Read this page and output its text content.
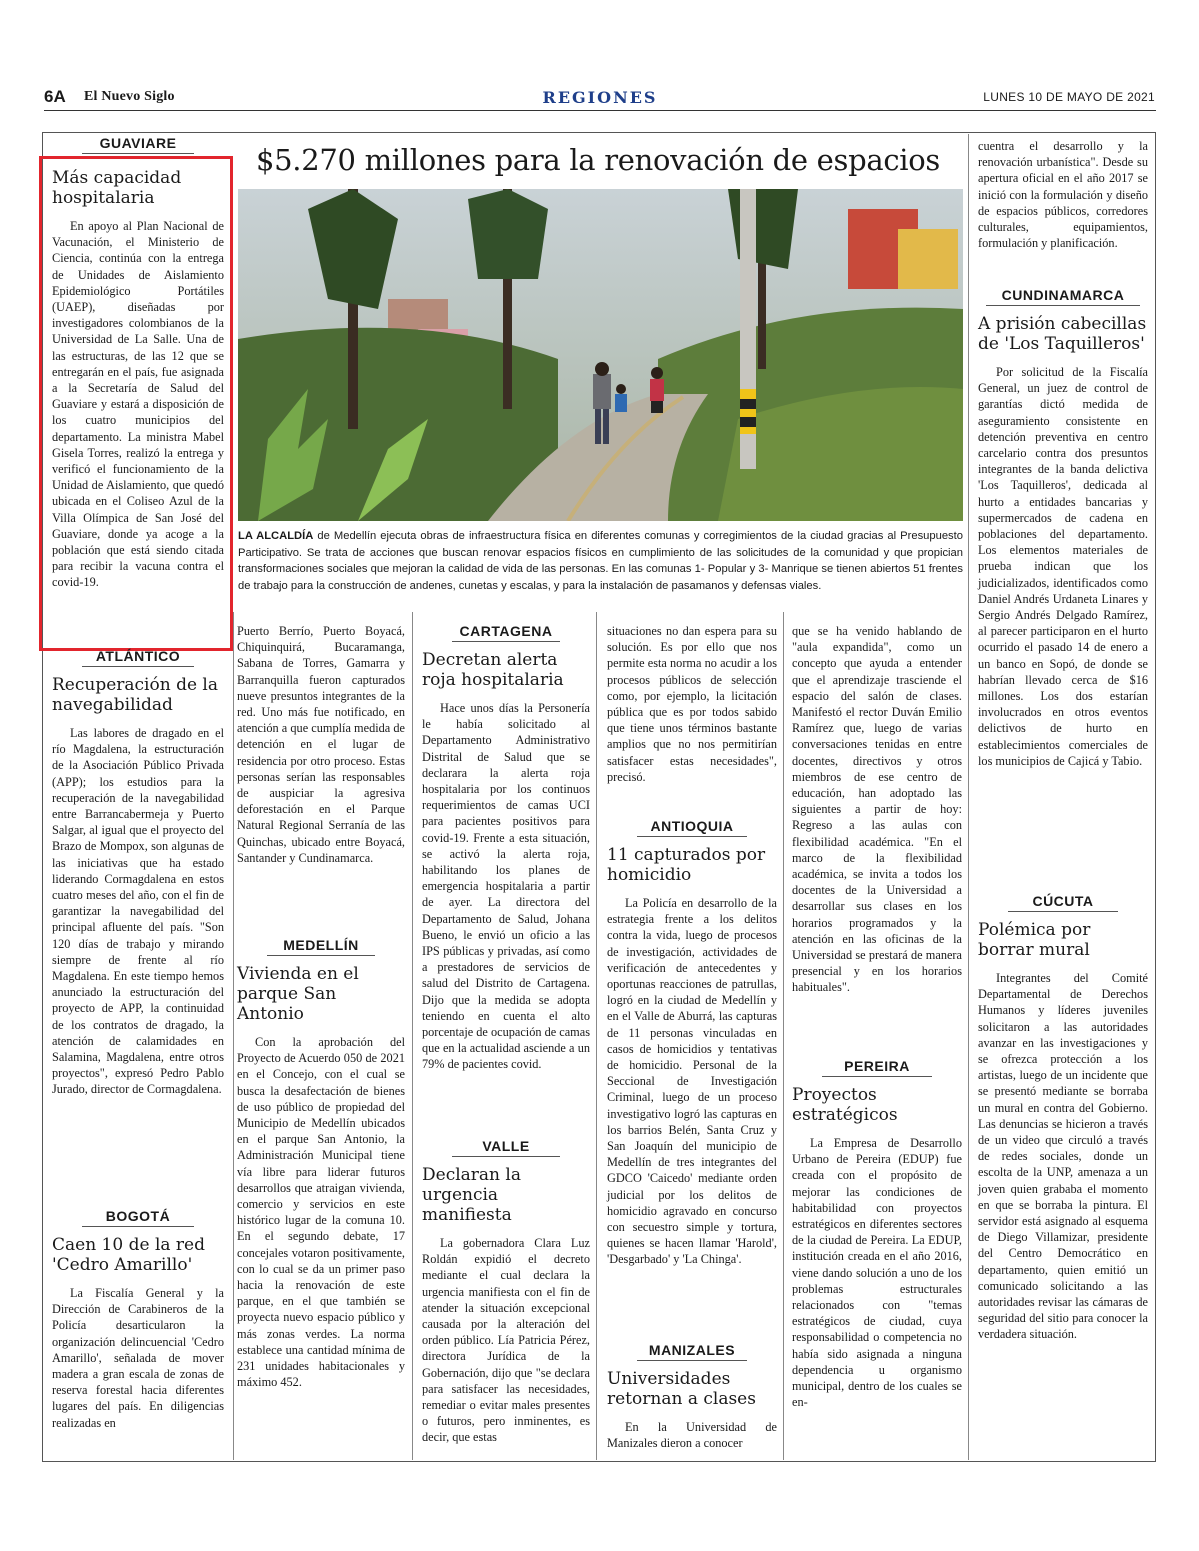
6A El Nuevo Siglo	REGIONES	LUNES 10 DE MAYO DE 2021
$5.270 millones para la renovación de espacios
LA ALCALDÍA de Medellín ejecuta obras de infraestructura física en diferentes comunas y corregimientos de la ciudad gracias al Presupuesto Participativo. Se trata de acciones que buscan renovar espacios físicos en cumplimiento de las solicitudes de la comunidad y que propician transformaciones sociales que mejoran la calidad de vida de las personas. En las comunas 1- Popular y 3- Manrique se tienen abiertos 51 frentes de trabajo para la construcción de andenes, cunetas y escalas, y para la instalación de pasamanos y defensas viales.
GUAVIARE
Más capacidad hospitalaria

En apoyo al Plan Nacional de Vacunación, el Ministerio de Ciencia, continúa con la entrega de Unidades de Aislamiento Epidemiológico Portátiles (UAEP), diseñadas por investigadores colombianos de la Universidad de La Salle. Una de las estructuras, de las 12 que se entregarán en el país, fue asignada a la Secretaría de Salud del Guaviare y estará a disposición de los cuatro municipios del departamento. La ministra Mabel Gisela Torres, realizó la entrega y verificó el funcionamiento de la Unidad de Aislamiento, que quedó ubicada en el Coliseo Azul de la Villa Olímpica de San José del Guaviare, donde ya acoge a la población que está siendo citada para recibir la vacuna contra el covid-19.

ATLÁNTICO
Recuperación de la navegabilidad

Las labores de dragado en el río Magdalena, la estructuración de la Asociación Público Privada (APP); los estudios para la recuperación de la navegabilidad entre Barrancabermeja y Puerto Salgar, al igual que el proyecto del Brazo de Mompox, son algunas de las iniciativas que ha estado liderando Cormagdalena en estos cuatro meses del año, con el fin de garantizar la navegabilidad del principal afluente del país. "Son 120 días de trabajo y mirando siempre de frente al río Magdalena. En este tiempo hemos anunciado la estructuración del proyecto de APP, la continuidad de los contratos de dragado, la atención de calamidades en Salamina, Magdalena, entre otros proyectos", expresó Pedro Pablo Jurado, director de Cormagdalena.

BOGOTÁ
Caen 10 de la red 'Cedro Amarillo'

La Fiscalía General y la Dirección de Carabineros de la Policía desarticularon la organización delincuencial 'Cedro Amarillo', señalada de mover madera a gran escala de zonas de reserva forestal hacia diferentes lugares del país. En diligencias realizadas en

Puerto Berrío, Puerto Boyacá, Chiquinquirá, Bucaramanga, Sabana de Torres, Gamarra y Barranquilla fueron capturados nueve presuntos integrantes de la red. Uno más fue notificado, en atención a que cumplía medida de detención en el lugar de residencia por otro proceso. Estas personas serían las responsables de auspiciar la agresiva deforestación en el Parque Natural Regional Serranía de las Quinchas, ubicado entre Boyacá, Santander y Cundinamarca.

MEDELLÍN
Vivienda en el parque San Antonio

Con la aprobación del Proyecto de Acuerdo 050 de 2021 en el Concejo, con el cual se busca la desafectación de bienes de uso público de propiedad del Municipio de Medellín ubicados en el parque San Antonio, la Administración Municipal tiene vía libre para liderar futuros desarrollos que atraigan vivienda, comercio y servicios en este histórico lugar de la comuna 10. En el segundo debate, 17 concejales votaron positivamente, con lo cual se da un primer paso hacia la renovación de este parque, en el que también se proyecta nuevo espacio público y más zonas verdes. La norma establece una cantidad mínima de 231 unidades habitacionales y máximo 452.

CARTAGENA
Decretan alerta roja hospitalaria

Hace unos días la Personería le había solicitado al Departamento Administrativo Distrital de Salud que se declarara la alerta roja hospitalaria por los continuos requerimientos de camas UCI para pacientes positivos para covid-19. Frente a esta situación, se activó la alerta roja, habilitando los planes de emergencia hospitalaria a partir de ayer. La directora del Departamento de Salud, Johana Bueno, le envió un oficio a las IPS públicas y privadas, así como a prestadores de servicios de salud del Distrito de Cartagena. Dijo que la medida se adopta teniendo en cuenta el alto porcentaje de ocupación de camas que en la actualidad asciende a un 79% de pacientes covid.

VALLE
Declaran la urgencia manifiesta

La gobernadora Clara Luz Roldán expidió el decreto mediante el cual declara la urgencia manifiesta con el fin de atender la situación excepcional causada por la alteración del orden público. Lía Patricia Pérez, directora Jurídica de la Gobernación, dijo que "se declara para satisfacer las necesidades, remediar o evitar males presentes o futuros, pero inminentes, es decir, que estas

situaciones no dan espera para su solución. Es por ello que nos permite esta norma no acudir a los procesos públicos de selección como, por ejemplo, la licitación pública que es por todos sabido que tiene unos términos bastante amplios que no nos permitirían satisfacer estas necesidades", precisó.

ANTIOQUIA
11 capturados por homicidio

La Policía en desarrollo de la estrategia frente a los delitos contra la vida, luego de procesos de investigación, actividades de verificación de antecedentes y oportunas reacciones de patrullas, logró en la ciudad de Medellín y en el Valle de Aburrá, las capturas de 11 personas vinculadas en casos de homicidios y tentativas de homicidio. Personal de la Seccional de Investigación Criminal, luego de un proceso investigativo logró las capturas en los barrios Belén, Santa Cruz y San Joaquín del municipio de Medellín de tres integrantes del GDCO 'Caicedo' mediante orden judicial por los delitos de homicidio agravado en concurso con secuestro simple y tortura, quienes se hacen llamar 'Harold', 'Desgarbado' y 'La Chinga'.

MANIZALES
Universidades retornan a clases

En la Universidad de Manizales dieron a conocer

que se ha venido hablando de "aula expandida", como un concepto que ayuda a entender que el aprendizaje trasciende el espacio del salón de clases. Manifestó el rector Duván Emilio Ramírez que, luego de varias conversaciones tenidas en entre docentes, directivos y otros miembros de ese centro de educación, han adoptado las siguientes a partir de hoy: Regreso a las aulas con flexibilidad académica. "En el marco de la flexibilidad académica, se invita a todos los docentes de la Universidad a desarrollar sus clases en los horarios programados y la atención en las oficinas de la Universidad se prestará de manera presencial y en los horarios habituales".

PEREIRA
Proyectos estratégicos

La Empresa de Desarrollo Urbano de Pereira (EDUP) fue creada con el propósito de mejorar las condiciones de habitabilidad con proyectos estratégicos en diferentes sectores de la ciudad de Pereira. La EDUP, institución creada en el año 2016, viene dando solución a uno de los problemas estructurales relacionados con "temas estratégicos de ciudad, cuya responsabilidad o competencia no había sido asignada a ninguna dependencia u organismo municipal, dentro de los cuales se en-

cuentra el desarrollo y la renovación urbanística". Desde su apertura oficial en el año 2017 se inició con la formulación y diseño de espacios públicos, corredores culturales, equipamientos, formulación y planificación.

CUNDINAMARCA
A prisión cabecillas de 'Los Taquilleros'

Por solicitud de la Fiscalía General, un juez de control de garantías dictó medida de aseguramiento consistente en detención preventiva en centro carcelario contra dos presuntos integrantes de la banda delictiva 'Los Taquilleros', dedicada al hurto a entidades bancarias y supermercados de cadena en poblaciones del departamento. Los elementos materiales de prueba indican que los judicializados, identificados como Daniel Andrés Urdaneta Linares y Sergio Andrés Delgado Ramírez, al parecer participaron en el hurto ocurrido el pasado 14 de enero a un banco en Sopó, de donde se habrían llevado cerca de $16 millones. Los dos estarían involucrados en otros eventos delictivos de hurto en establecimientos comerciales de los municipios de Cajicá y Tabio.

CÚCUTA
Polémica por borrar mural

Integrantes del Comité Departamental de Derechos Humanos y líderes juveniles solicitaron a las autoridades avanzar en las investigaciones y se ofrezca protección a los artistas, luego de un incidente que se presentó mediante se borraba un mural en contra del Gobierno. Las denuncias se hicieron a través de un video que circuló a través de redes sociales, donde un escolta de la UNP, amenaza a un joven quien grababa el momento en que se borraba la pintura. El servidor está asignado al esquema de Diego Villamizar, presidente del Centro Democrático en departamento, quien emitió un comunicado solicitando a las autoridades revisar las cámaras de seguridad del sitio para conocer la verdadera situación.
